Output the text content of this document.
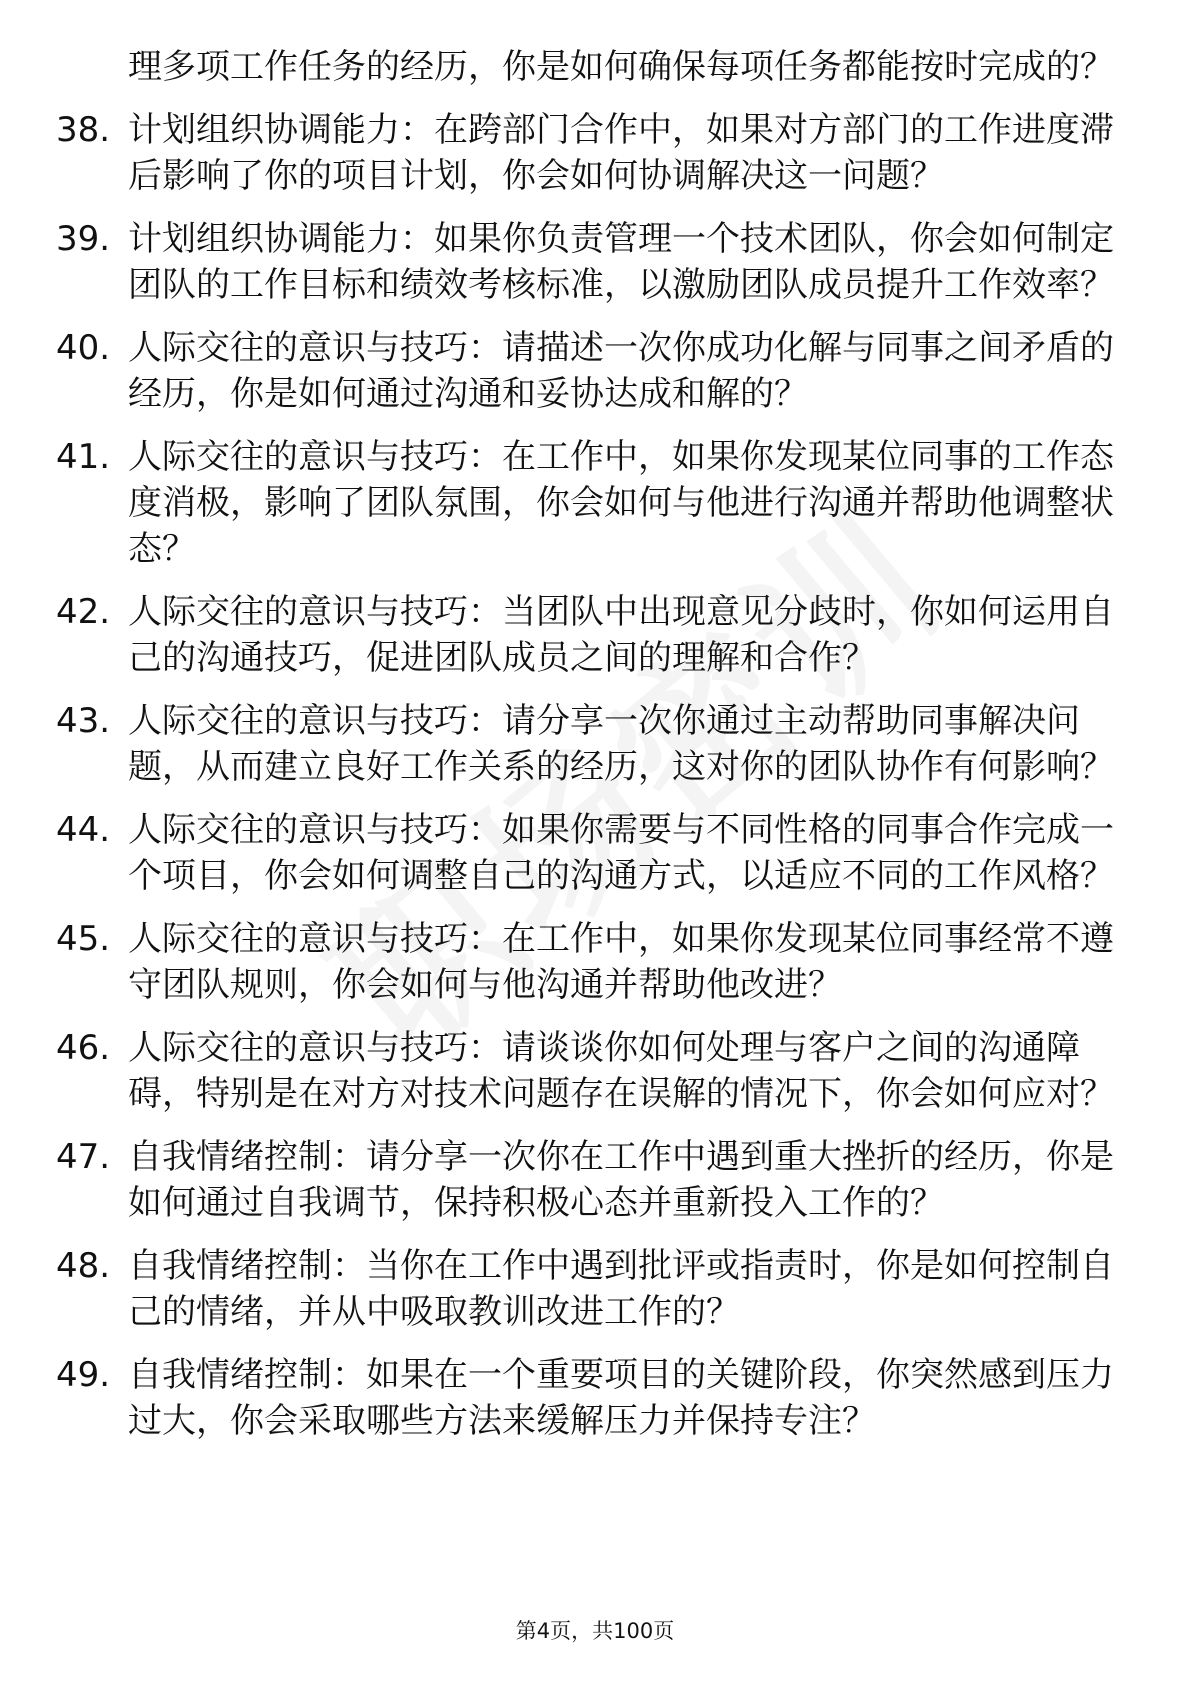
理多项工作任务的经历，你是如何确保每项任务都能按时完成的？
38. 计划组织协调能力：在跨部门合作中，如果对方部门的工作进度滞后影响了你的项目计划，你会如何协调解决这一问题？
39. 计划组织协调能力：如果你负责管理一个技术团队，你会如何制定团队的工作目标和绩效考核标准，以激励团队成员提升工作效率？
40. 人际交往的意识与技巧：请描述一次你成功化解与同事之间矛盾的经历，你是如何通过沟通和妥协达成和解的？
41. 人际交往的意识与技巧：在工作中，如果你发现某位同事的工作态度消极，影响了团队氛围，你会如何与他进行沟通并帮助他调整状态？
42. 人际交往的意识与技巧：当团队中出现意见分歧时，你如何运用自己的沟通技巧，促进团队成员之间的理解和合作？
43. 人际交往的意识与技巧：请分享一次你通过主动帮助同事解决问题，从而建立良好工作关系的经历，这对你的团队协作有何影响？
44. 人际交往的意识与技巧：如果你需要与不同性格的同事合作完成一个项目，你会如何调整自己的沟通方式，以适应不同的工作风格？
45. 人际交往的意识与技巧：在工作中，如果你发现某位同事经常不遵守团队规则，你会如何与他沟通并帮助他改进？
46. 人际交往的意识与技巧：请谈谈你如何处理与客户之间的沟通障碍，特别是在对方对技术问题存在误解的情况下，你会如何应对？
47. 自我情绪控制：请分享一次你在工作中遇到重大挫折的经历，你是如何通过自我调节，保持积极心态并重新投入工作的？
48. 自我情绪控制：当你在工作中遇到批评或指责时，你是如何控制自己的情绪，并从中吸取教训改进工作的？
49. 自我情绪控制：如果在一个重要项目的关键阶段，你突然感到压力过大，你会采取哪些方法来缓解压力并保持专注？
第4页，共100页
